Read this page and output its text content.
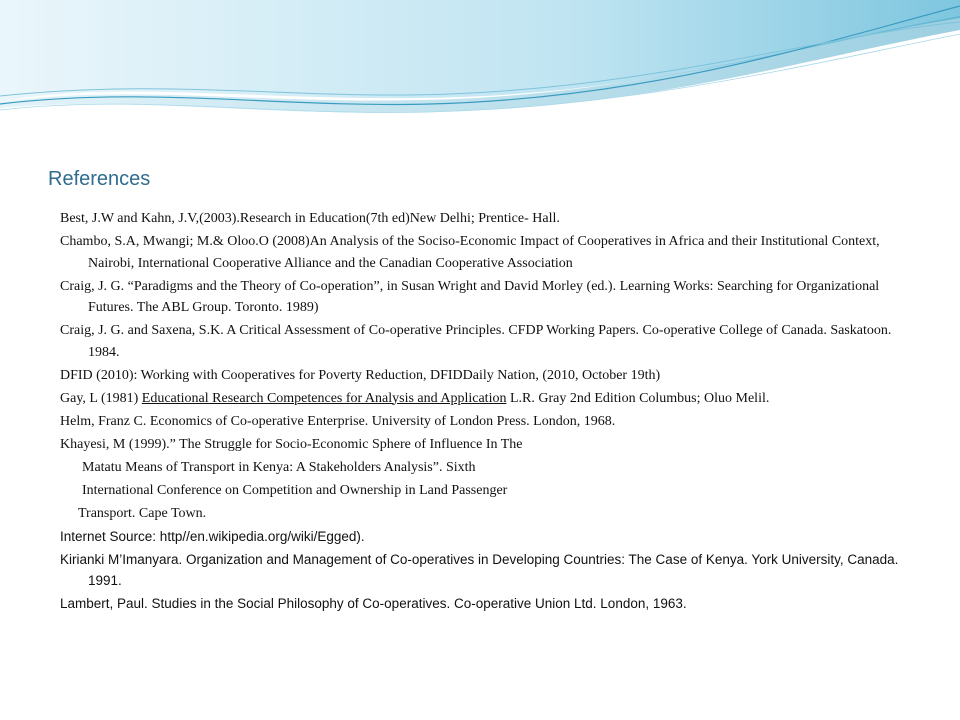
References
Best, J.W and Kahn, J.V,(2003).Research in Education(7th ed)New Delhi; Prentice- Hall.
Chambo, S.A, Mwangi; M.& Oloo.O (2008)An Analysis of the Sociso-Economic Impact of Cooperatives in Africa and their Institutional Context, Nairobi, International Cooperative Alliance and the Canadian Cooperative Association
Craig, J. G. “Paradigms and the Theory of Co-operation”, in Susan Wright and David Morley (ed.). Learning Works: Searching for Organizational Futures. The ABL Group. Toronto. 1989)
Craig, J. G. and Saxena, S.K. A Critical Assessment of Co-operative Principles. CFDP Working Papers. Co-operative College of Canada. Saskatoon. 1984.
DFID (2010): Working with Cooperatives for Poverty Reduction, DFIDDaily Nation, (2010, October 19th)
Gay, L (1981) Educational Research Competences for Analysis and Application L.R. Gray 2nd Edition Columbus; Oluo Melil.
Helm, Franz C. Economics of Co-operative Enterprise. University of London Press. London, 1968.
Khayesi, M (1999).” The Struggle for Socio-Economic Sphere of Influence In The
Matatu Means of Transport in Kenya: A Stakeholders Analysis”. Sixth
International Conference on Competition and Ownership in Land Passenger
Transport. Cape Town.
Internet Source: http//en.wikipedia.org/wiki/Egged).
Kirianki M’Imanyara. Organization and Management of Co-operatives in Developing Countries: The Case of Kenya. York University, Canada. 1991.
Lambert, Paul. Studies in the Social Philosophy of Co-operatives. Co-operative Union Ltd. London, 1963.
